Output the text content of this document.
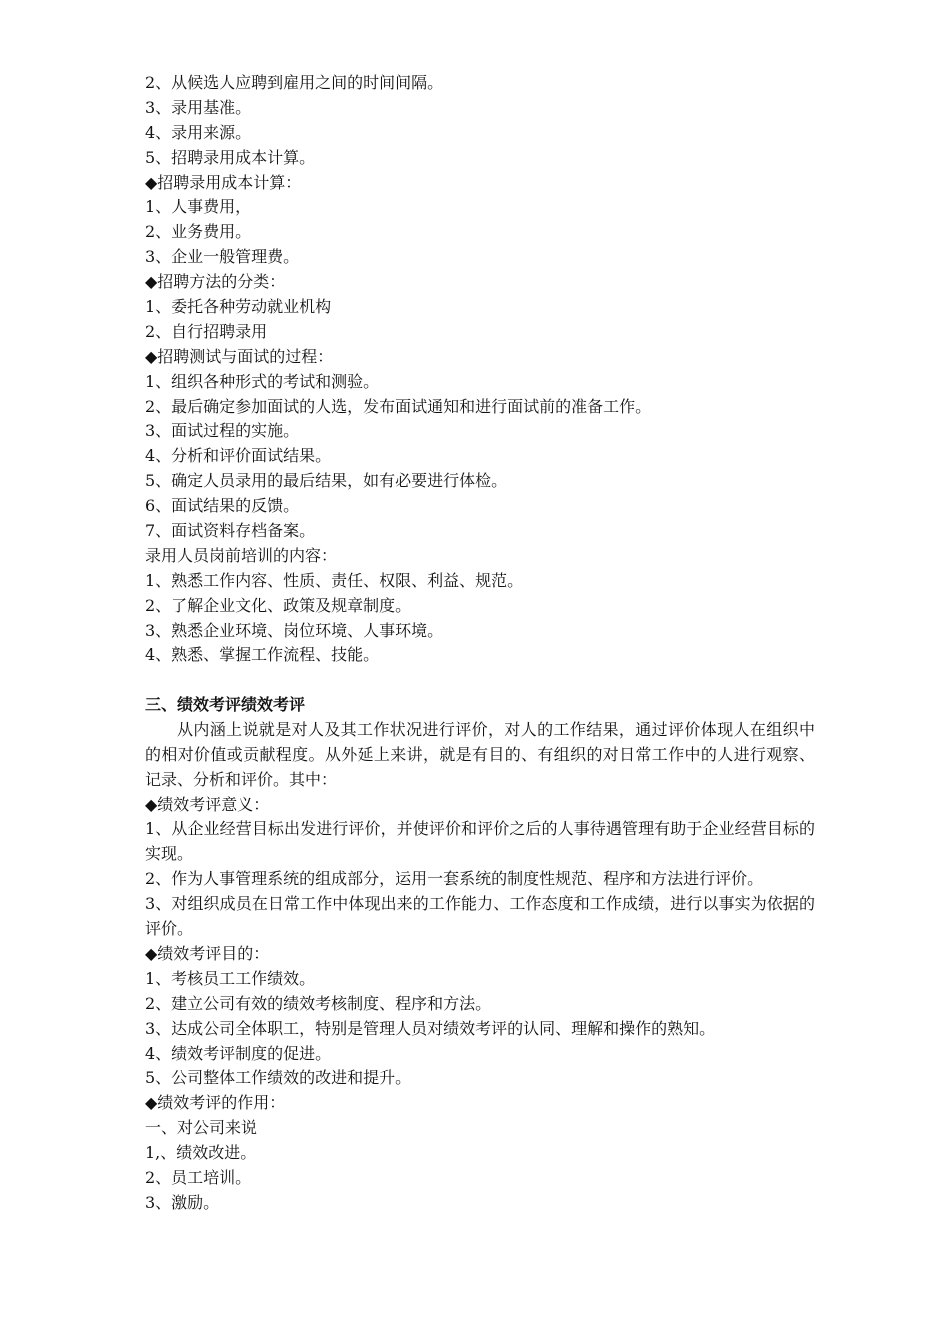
2、从候选人应聘到雇用之间的时间间隔。
3、录用基准。
4、录用来源。
5、招聘录用成本计算。
◆招聘录用成本计算：
1、人事费用，
2、业务费用。
3、企业一般管理费。
◆招聘方法的分类：
1、委托各种劳动就业机构
2、自行招聘录用
◆招聘测试与面试的过程：
1、组织各种形式的考试和测验。
2、最后确定参加面试的人选，发布面试通知和进行面试前的准备工作。
3、面试过程的实施。
4、分析和评价面试结果。
5、确定人员录用的最后结果，如有必要进行体检。
6、面试结果的反馈。
7、面试资料存档备案。
录用人员岗前培训的内容：
1、熟悉工作内容、性质、责任、权限、利益、规范。
2、了解企业文化、政策及规章制度。
3、熟悉企业环境、岗位环境、人事环境。
4、熟悉、掌握工作流程、技能。
三、绩效考评绩效考评
从内涵上说就是对人及其工作状况进行评价，对人的工作结果，通过评价体现人在组织中的相对价值或贡献程度。从外延上来讲，就是有目的、有组织的对日常工作中的人进行观察、记录、分析和评价。其中：
◆绩效考评意义：
1、从企业经营目标出发进行评价，并使评价和评价之后的人事待遇管理有助于企业经营目标的实现。
2、作为人事管理系统的组成部分，运用一套系统的制度性规范、程序和方法进行评价。
3、对组织成员在日常工作中体现出来的工作能力、工作态度和工作成绩，进行以事实为依据的评价。
◆绩效考评目的：
1、考核员工工作绩效。
2、建立公司有效的绩效考核制度、程序和方法。
3、达成公司全体职工，特别是管理人员对绩效考评的认同、理解和操作的熟知。
4、绩效考评制度的促进。
5、公司整体工作绩效的改进和提升。
◆绩效考评的作用：
一、对公司来说
1,、绩效改进。
2、员工培训。
3、激励。
